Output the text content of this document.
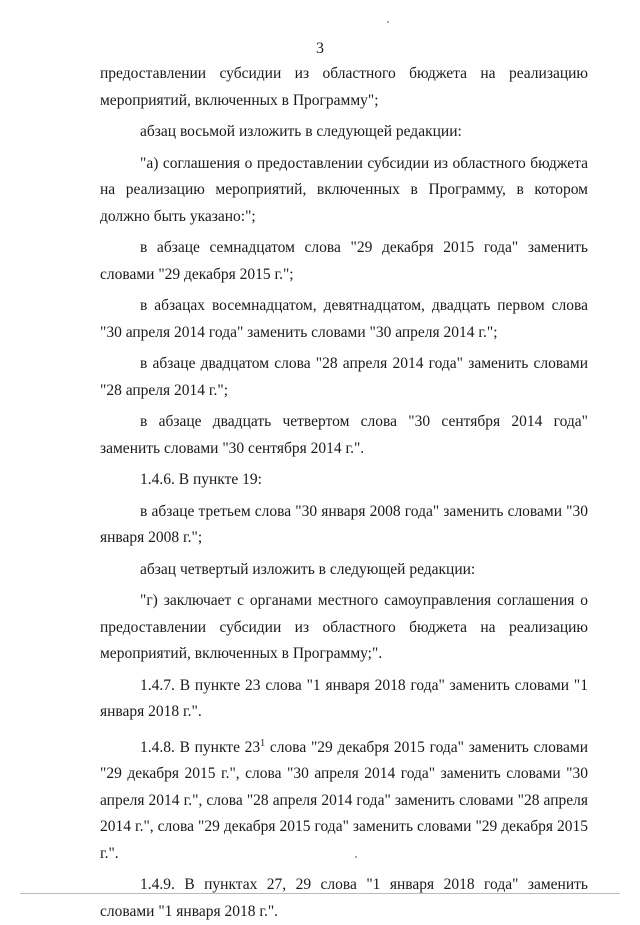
3

предоставлении субсидии из областного бюджета на реализацию мероприятий, включенных в Программу";

абзац восьмой изложить в следующей редакции:

"а) соглашения о предоставлении субсидии из областного бюджета на реализацию мероприятий, включенных в Программу, в котором должно быть указано:";

в абзаце семнадцатом слова "29 декабря 2015 года" заменить словами "29 декабря 2015 г.";

в абзацах восемнадцатом, девятнадцатом, двадцать первом слова "30 апреля 2014 года" заменить словами "30 апреля 2014 г.";

в абзаце двадцатом слова "28 апреля 2014 года" заменить словами "28 апреля 2014 г.";

в абзаце двадцать четвертом слова "30 сентября 2014 года" заменить словами "30 сентября 2014 г.".

1.4.6. В пункте 19:

в абзаце третьем слова "30 января 2008 года" заменить словами "30 января 2008 г.";

абзац четвертый изложить в следующей редакции:

"г) заключает с органами местного самоуправления соглашения о предоставлении субсидии из областного бюджета на реализацию мероприятий, включенных в Программу;".

1.4.7. В пункте 23 слова "1 января 2018 года" заменить словами "1 января 2018 г.".

1.4.8. В пункте $23^1$ слова "29 декабря 2015 года" заменить словами "29 декабря 2015 г.", слова "30 апреля 2014 года" заменить словами "30 апреля 2014 г.", слова "28 апреля 2014 года" заменить словами "28 апреля 2014 г.", слова "29 декабря 2015 года" заменить словами "29 декабря 2015 г.".

1.4.9. В пунктах 27, 29 слова "1 января 2018 года" заменить словами "1 января 2018 г.".
